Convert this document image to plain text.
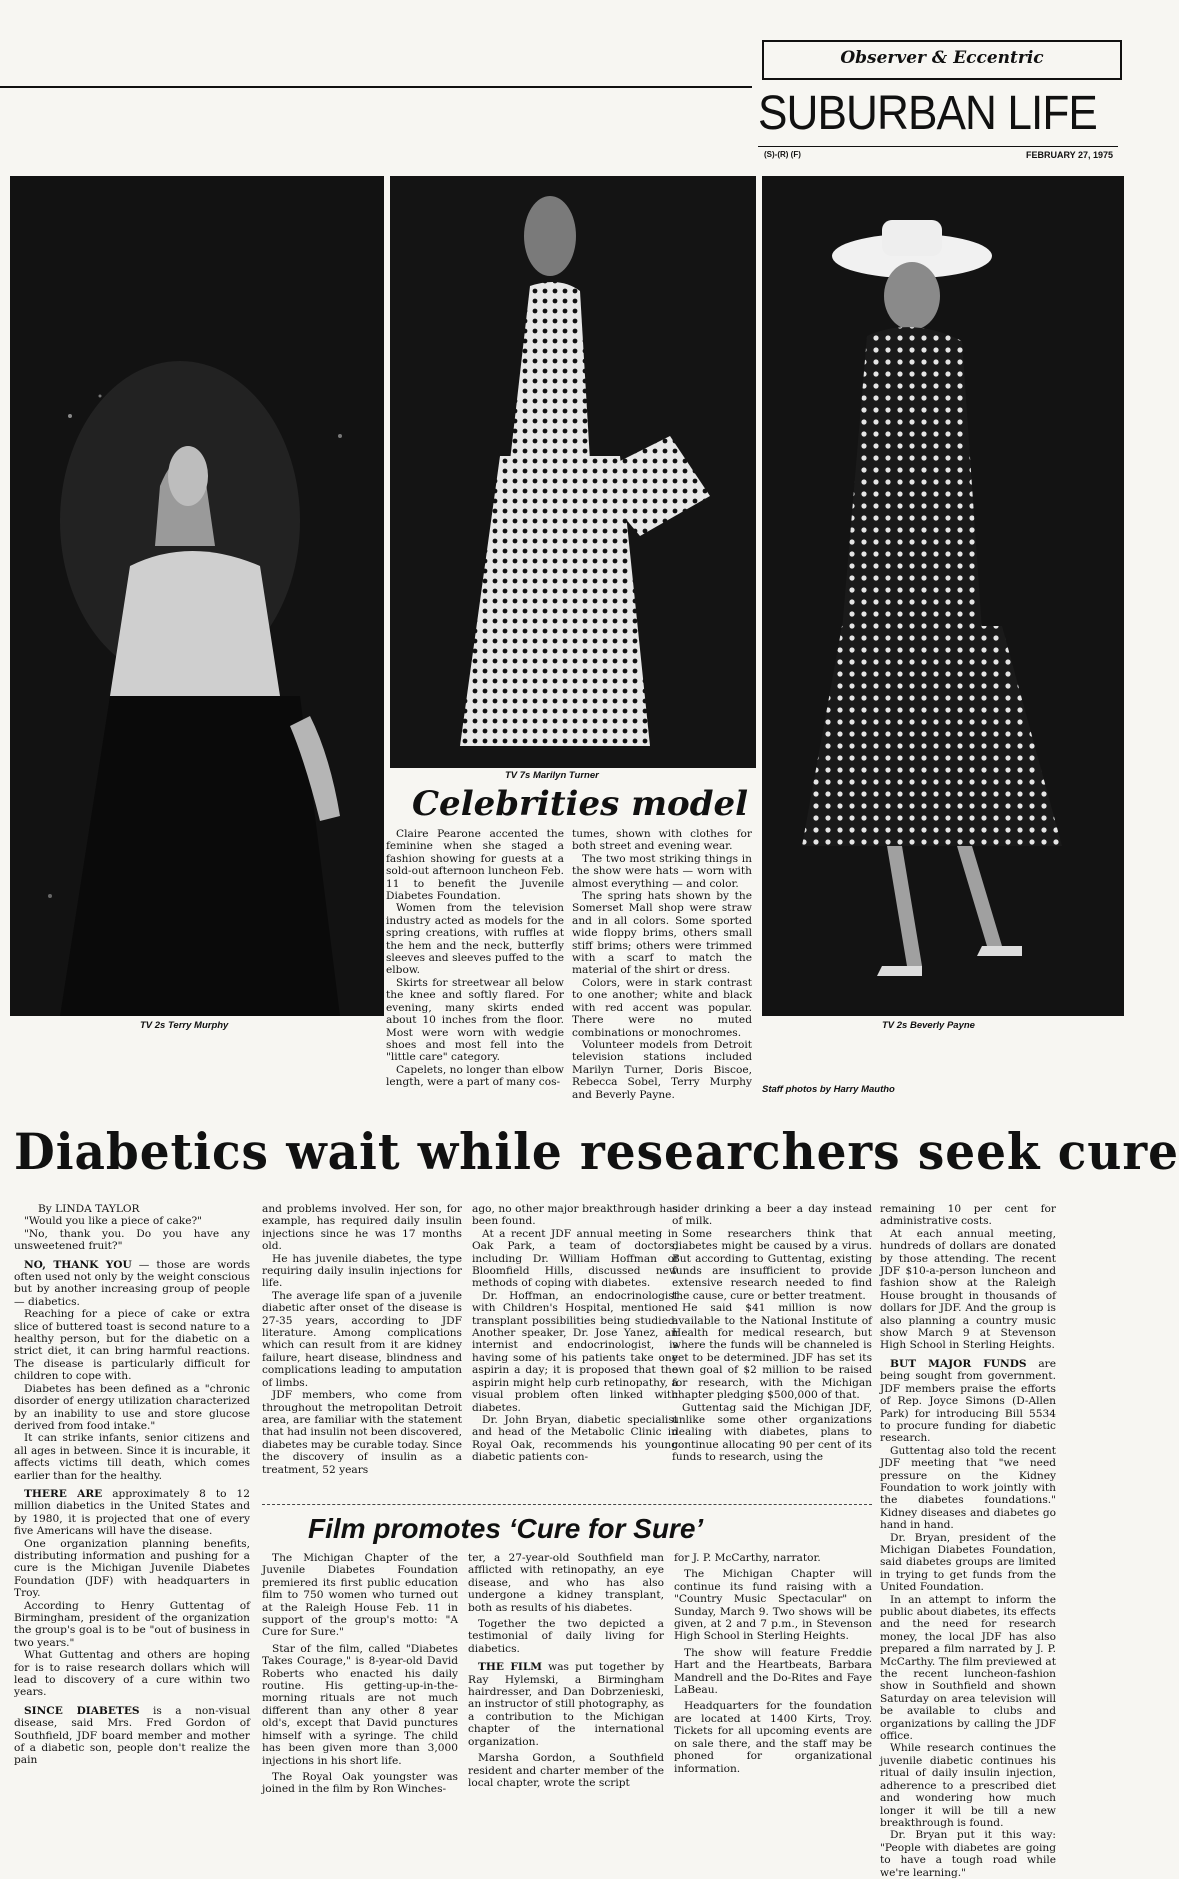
Observer & Eccentric
SUBURBAN LIFE
(S)-(R) (F)	FEBRUARY 27, 1975
TV 2s Terry Murphy
TV 7s Marilyn Turner
TV 2s Beverly Payne
Celebrities model

Claire Pearone accented the feminine when she staged a fashion showing for guests at a sold-out afternoon luncheon Feb. 11 to benefit the Juvenile Diabetes Foundation.

Women from the television industry acted as models for the spring creations, with ruffles at the hem and the neck, butterfly sleeves and sleeves puffed to the elbow.

Skirts for streetwear all below the knee and softly flared. For evening, many skirts ended about 10 inches from the floor. Most were worn with wedgie shoes and most fell into the "little care" category.

Capelets, no longer than elbow length, were a part of many cos-

tumes, shown with clothes for both street and evening wear.

The two most striking things in the show were hats — worn with almost everything — and color.

The spring hats shown by the Somerset Mall shop were straw and in all colors. Some sported wide floppy brims, others small stiff brims; others were trimmed with a scarf to match the material of the shirt or dress.

Colors, were in stark contrast to one another; white and black with red accent was popular. There were no muted combinations or monochromes.

Volunteer models from Detroit television stations included Marilyn Turner, Doris Biscoe, Rebecca Sobel, Terry Murphy and Beverly Payne.	Staff photos by Harry Mautho
Diabetics wait while researchers seek cure

By LINDA TAYLOR

"Would you like a piece of cake?"

"No, thank you. Do you have any unsweetened fruit?"

NO, THANK YOU — those are words often used not only by the weight conscious but by another increasing group of people — diabetics.

Reaching for a piece of cake or extra slice of buttered toast is second nature to a healthy person, but for the diabetic on a strict diet, it can bring harmful reactions. The disease is particularly difficult for children to cope with.

Diabetes has been defined as a "chronic disorder of energy utilization characterized by an inability to use and store glucose derived from food intake."

It can strike infants, senior citizens and all ages in between. Since it is incurable, it affects victims till death, which comes earlier than for the healthy.

THERE ARE approximately 8 to 12 million diabetics in the United States and by 1980, it is projected that one of every five Americans will have the disease.

One organization planning benefits, distributing information and pushing for a cure is the Michigan Juvenile Diabetes Foundation (JDF) with headquarters in Troy.

According to Henry Guttentag of Birmingham, president of the organization the group's goal is to be "out of business in two years."

What Guttentag and others are hoping for is to raise research dollars which will lead to discovery of a cure within two years.

SINCE DIABETES is a non-visual disease, said Mrs. Fred Gordon of Southfield, JDF board member and mother of a diabetic son, people don't realize the pain

and problems involved. Her son, for example, has required daily insulin injections since he was 17 months old.

He has juvenile diabetes, the type requiring daily insulin injections for life.

The average life span of a juvenile diabetic after onset of the disease is 27-35 years, according to JDF literature. Among complications which can result from it are kidney failure, heart disease, blindness and complications leading to amputation of limbs.

JDF members, who come from throughout the metropolitan Detroit area, are familiar with the statement that had insulin not been discovered, diabetes may be curable today. Since the discovery of insulin as a treatment, 52 years

ago, no other major breakthrough has been found.

At a recent JDF annual meeting in Oak Park, a team of doctors, including Dr. William Hoffman of Bloomfield Hills, discussed new methods of coping with diabetes.

Dr. Hoffman, an endocrinologist with Children's Hospital, mentioned transplant possibilities being studied. Another speaker, Dr. Jose Yanez, an internist and endocrinologist, is having some of his patients take one aspirin a day; it is proposed that the aspirin might help curb retinopathy, a visual problem often linked with diabetes.

Dr. John Bryan, diabetic specialist and head of the Metabolic Clinic in Royal Oak, recommends his young diabetic patients con-

sider drinking a beer a day instead of milk.

Some researchers think that diabetes might be caused by a virus. But according to Guttentag, existing funds are insufficient to provide extensive research needed to find the cause, cure or better treatment.

He said $41 million is now available to the National Institute of Health for medical research, but where the funds will be channeled is yet to be determined. JDF has set its own goal of $2 million to be raised for research, with the Michigan chapter pledging $500,000 of that.

Guttentag said the Michigan JDF, unlike some other organizations dealing with diabetes, plans to continue allocating 90 per cent of its funds to research, using the

remaining 10 per cent for administrative costs.

At each annual meeting, hundreds of dollars are donated by those attending. The recent JDF $10-a-person luncheon and fashion show at the Raleigh House brought in thousands of dollars for JDF. And the group is also planning a country music show March 9 at Stevenson High School in Sterling Heights.

BUT MAJOR FUNDS are being sought from government. JDF members praise the efforts of Rep. Joyce Simons (D-Allen Park) for introducing Bill 5534 to procure funding for diabetic research.

Guttentag also told the recent JDF meeting that "we need pressure on the Kidney Foundation to work jointly with the diabetes foundations." Kidney diseases and diabetes go hand in hand.

Dr. Bryan, president of the Michigan Diabetes Foundation, said diabetes groups are limited in trying to get funds from the United Foundation.

In an attempt to inform the public about diabetes, its effects and the need for research money, the local JDF has also prepared a film narrated by J. P. McCarthy. The film previewed at the recent luncheon-fashion show in Southfield and shown Saturday on area television will be available to clubs and organizations by calling the JDF office.

While research continues the juvenile diabetic continues his ritual of daily insulin injection, adherence to a prescribed diet and wondering how much longer it will be till a new breakthrough is found.

Dr. Bryan put it this way: "People with diabetes are going to have a tough road while we're learning."

Film promotes ‘Cure for Sure’

The Michigan Chapter of the Juvenile Diabetes Foundation premiered its first public education film to 750 women who turned out at the Raleigh House Feb. 11 in support of the group's motto: "A Cure for Sure."

Star of the film, called "Diabetes Takes Courage," is 8-year-old David Roberts who enacted his daily routine. His getting-up-in-the-morning rituals are not much different than any other 8 year old's, except that David punctures himself with a syringe. The child has been given more than 3,000 injections in his short life.

The Royal Oak youngster was joined in the film by Ron Winches-

ter, a 27-year-old Southfield man afflicted with retinopathy, an eye disease, and who has also undergone a kidney transplant, both as results of his diabetes.

Together the two depicted a testimonial of daily living for diabetics.

THE FILM was put together by Ray Hylemski, a Birmingham hairdresser, and Dan Dobrzenieski, an instructor of still photography, as a contribution to the Michigan chapter of the international organization.

Marsha Gordon, a Southfield resident and charter member of the local chapter, wrote the script

for J. P. McCarthy, narrator.

The Michigan Chapter will continue its fund raising with a "Country Music Spectacular" on Sunday, March 9. Two shows will be given, at 2 and 7 p.m., in Stevenson High School in Sterling Heights.

The show will feature Freddie Hart and the Heartbeats, Barbara Mandrell and the Do-Rites and Faye LaBeau.

Headquarters for the foundation are located at 1400 Kirts, Troy. Tickets for all upcoming events are on sale there, and the staff may be phoned for organizational information.
